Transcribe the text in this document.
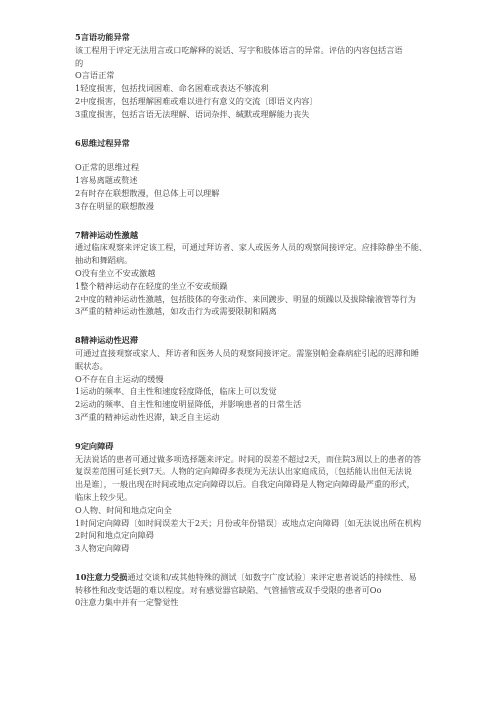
5言语功能异常
该工程用于评定无法用言或口吃解释的说话、写字和肢体语言的异常。评估的内容包括言语
的
O言语正常
1轻度损害，包括找词困难、命名困难或表达不够流利
2中度损害，包括理解困难或难以进行有意义的交流〔即语义内容〕
3重度损害，包括言语无法理解、语词杂拌、缄默或理解能力丧失
6思维过程异常
O正常的思维过程
1容易离题或赘述
2有时存在联想散漫，但总体上可以理解
3存在明显的联想散漫
7精神运动性激越
通过临床观察来评定该工程，可通过拜访者、家人或医务人员的观察间接评定。应排除静坐不能、
抽动和舞蹈病。
O没有坐立不安或激越
1整个精神运动存在轻度的坐立不安或烦躁
2中度的精神运动性激越，包括肢体的夸张动作、来回踱步、明显的烦躁以及拔除输液管等行为
3严重的精神运动性激越，如攻击行为或需要限制和隔离
8精神运动性迟滞
可通过直接观察或家人、拜访者和医务人员的观察间接评定。需鉴别帕金森病症引起的迟滞和睡
眠状态。
O不存在自主运动的缓慢
1运动的频率、自主性和速度轻度降低，临床上可以发觉
2运动的频率、自主性和速度明显降低，并影响患者的日常生活
3严重的精神运动性迟滞，缺乏自主运动
9定向障碍
无法说话的患者可通过做多项选择题来评定。时间的误差不超过2天，而住院3周以上的患者的答
复误差范围可延长到7天。人物的定向障碍多表现为无法认出家庭成员，〔包括能认出但无法说
出是谁〕，一般出现在时间或地点定向障碍以后。自我定向障碍是人物定向障碍最严重的形式，
临床上较少见。
O人物、时间和地点定向全
1时间定向障碍〔如时间误差大于2天；月份或年份错误〕或地点定向障碍〔如无法说出所在机构
2时间和地点定向障碍
3人物定向障碍
10注意力受损通过交谈和/或其他特殊的测试〔如数字广度试验〕来评定患者说话的持续性、易
转移性和改变话题的难以程度。对有感觉器官缺陷、气管插管或双手受限的患者可Oo
0注意力集中并有一定警觉性
